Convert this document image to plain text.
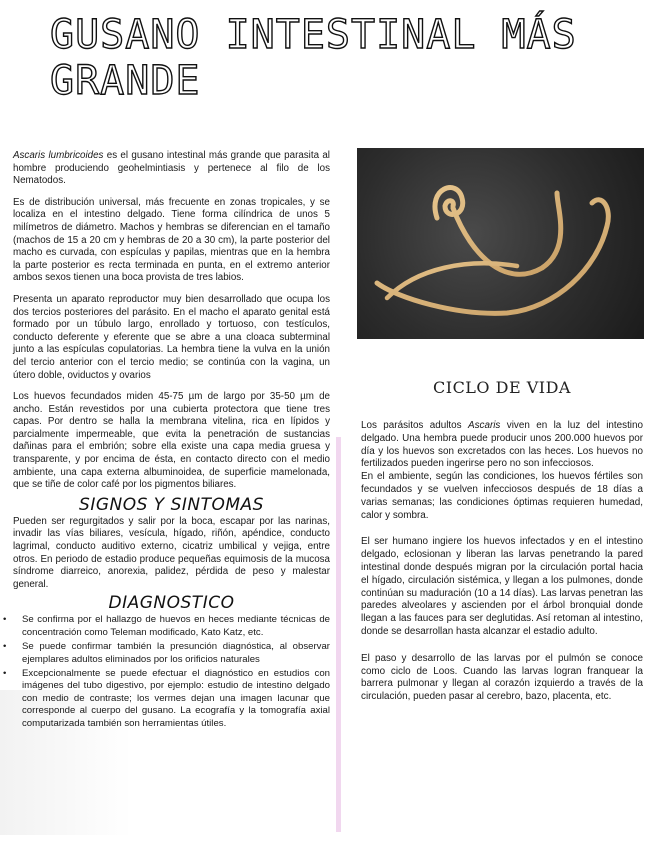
GUSANO INTESTINAL MÁS GRANDE

Ascaris lumbricoides es el gusano intestinal más grande que parasita al hombre produciendo geohelmintiasis y pertenece al filo de los Nematodos.

Es de distribución universal, más frecuente en zonas tropicales, y se localiza en el intestino delgado. Tiene forma cilíndrica de unos 5 milímetros de diámetro. Machos y hembras se diferencian en el tamaño (machos de 15 a 20 cm y hembras de 20 a 30 cm), la parte posterior del macho es curvada, con espículas y papilas, mientras que en la hembra la parte posterior es recta terminada en punta, en el extremo anterior ambos sexos tienen una boca provista de tres labios.

Presenta un aparato reproductor muy bien desarrollado que ocupa los dos tercios posteriores del parásito. En el macho el aparato genital está formado por un túbulo largo, enrollado y tortuoso, con testículos, conducto deferente y eferente que se abre a una cloaca subterminal junto a las espículas copulatorias. La hembra tiene la vulva en la unión del tercio anterior con el tercio medio; se continúa con la vagina, un útero doble, oviductos y ovarios

Los huevos fecundados miden 45-75 µm de largo por 35-50 µm de ancho. Están revestidos por una cubierta protectora que tiene tres capas. Por dentro se halla la membrana vitelina, rica en lípidos y parcialmente impermeable, que evita la penetración de sustancias dañinas para el embrión; sobre ella existe una capa media gruesa y transparente, y por encima de ésta, en contacto directo con el medio ambiente, una capa externa albuminoidea, de superficie mamelonada, que se tiñe de color café por los pigmentos biliares.

SIGNOS Y SINTOMAS

Pueden ser regurgitados y salir por la boca, escapar por las narinas, invadir las vías biliares, vesícula, hígado, riñón, apéndice, conducto lagrimal, conducto auditivo externo, cicatriz umbilical y vejiga, entre otros. En periodo de estadio produce pequeñas equimosis de la mucosa síndrome diarreico, anorexia, palidez, pérdida de peso y malestar general.

DIAGNOSTICO
• Se confirma por el hallazgo de huevos en heces mediante técnicas de concentración como Teleman modificado, Kato Katz, etc.
• Se puede confirmar también la presunción diagnóstica, al observar ejemplares adultos eliminados por los orificios naturales
• Excepcionalmente se puede efectuar el diagnóstico en estudios con imágenes del tubo digestivo, por ejemplo: estudio de intestino delgado con medio de contraste; los vermes dejan una imagen lacunar que corresponde al cuerpo del gusano. La ecografía y la tomografía axial computarizada también son herramientas útiles.
CICLO DE VIDA

Los parásitos adultos Ascaris viven en la luz del intestino delgado. Una hembra puede producir unos 200.000 huevos por día y los huevos son excretados con las heces. Los huevos no fertilizados pueden ingerirse pero no son infecciosos.

En el ambiente, según las condiciones, los huevos fértiles son fecundados y se vuelven infecciosos después de 18 días a varias semanas; las condiciones óptimas requieren humedad, calor y sombra.

El ser humano ingiere los huevos infectados y en el intestino delgado, eclosionan y liberan las larvas penetrando la pared intestinal donde después migran por la circulación portal hacia el hígado, circulación sistémica, y llegan a los pulmones, donde continúan su maduración (10 a 14 días). Las larvas penetran las paredes alveolares y ascienden por el árbol bronquial donde llegan a las fauces para ser deglutidas. Así retoman al intestino, donde se desarrollan hasta alcanzar el estadio adulto.

El paso y desarrollo de las larvas por el pulmón se conoce como ciclo de Loos. Cuando las larvas logran franquear la barrera pulmonar y llegan al corazón izquierdo a través de la circulación, pueden pasar al cerebro, bazo, placenta, etc.
